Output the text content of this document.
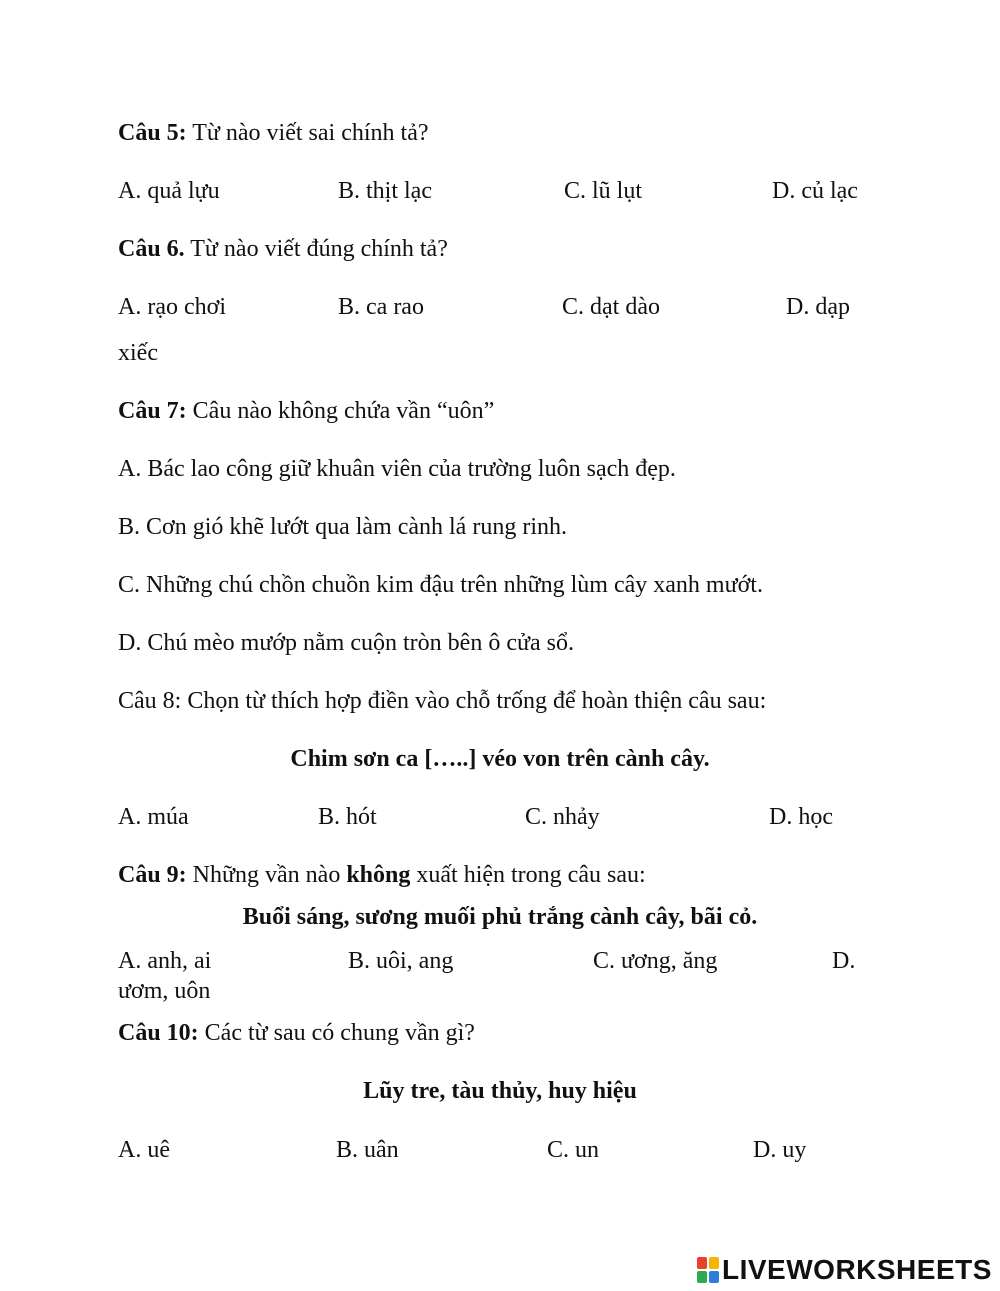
Câu 5: Từ nào viết sai chính tả?
A. quả lựu	B. thịt lạc	C. lũ lụt	D. củ lạc
Câu 6. Từ nào viết đúng chính tả?
A. rạo chơi	B. ca rao	C. dạt dào	D. dạp
xiếc
Câu 7: Câu nào không chứa vần “uôn”
A. Bác lao công giữ khuân viên của trường luôn sạch đẹp.
B. Cơn gió khẽ lướt qua làm cành lá rung rinh.
C. Những chú chồn chuồn kim đậu trên những lùm cây xanh mướt.
D. Chú mèo mướp nằm cuộn tròn bên ô cửa sổ.
Câu 8: Chọn từ thích hợp điền vào chỗ trống để hoàn thiện câu sau:
Chim sơn ca […..] véo von trên cành cây.
A. múa	B. hót	C. nhảy	D. học
Câu 9: Những vần nào không xuất hiện trong câu sau:
Buổi sáng, sương muối phủ trắng cành cây, bãi cỏ.
A. anh, ai	B. uôi, ang	C. ương, ăng	D.
ươm, uôn
Câu 10: Các từ sau có chung vần gì?
Lũy tre, tàu thủy, huy hiệu
A. uê	B. uân	C. un	D. uy
LIVEWORKSHEETS
